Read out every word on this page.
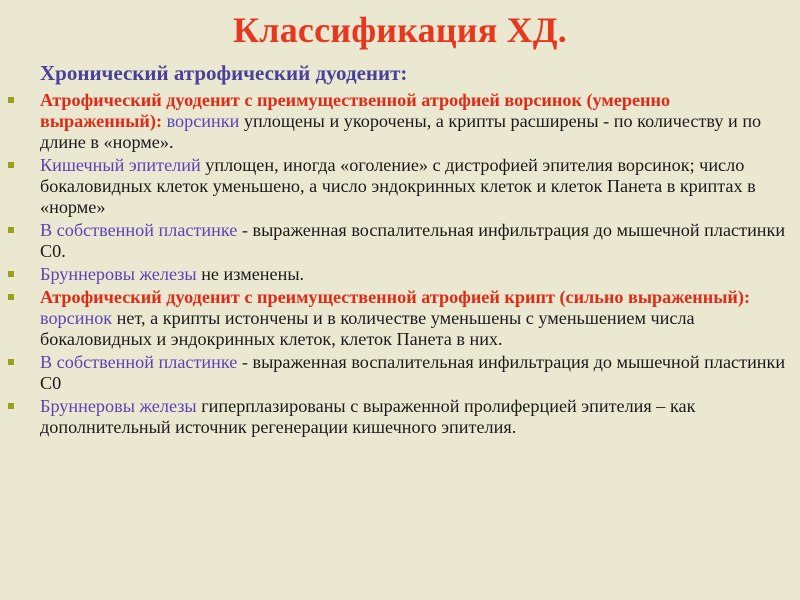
Классификация ХД.
Хронический атрофический дуоденит:
Атрофический дуоденит с преимущественной атрофией ворсинок (умеренно выраженный): ворсинки уплощены и укорочены, а крипты расширены - по количеству и по длине в «норме».
Кишечный эпителий уплощен, иногда «оголение» с дистрофией эпителия ворсинок; число бокаловидных клеток уменьшено, а число эндокринных клеток и клеток Панета в криптах в «норме»
В собственной пластинке - выраженная воспалительная инфильтрация до мышечной пластинки С0.
Бруннеровы железы не изменены.
Атрофический дуоденит с преимущественной атрофией крипт (сильно выраженный): ворсинок нет, а крипты истончены и в количестве уменьшены с уменьшением числа бокаловидных и эндокринных клеток, клеток Панета в них.
В собственной пластинке - выраженная воспалительная инфильтрация до мышечной пластинки С0
Бруннеровы железы гиперплазированы с выраженной пролиферцией эпителия – как дополнительный источник регенерации кишечного эпителия.
